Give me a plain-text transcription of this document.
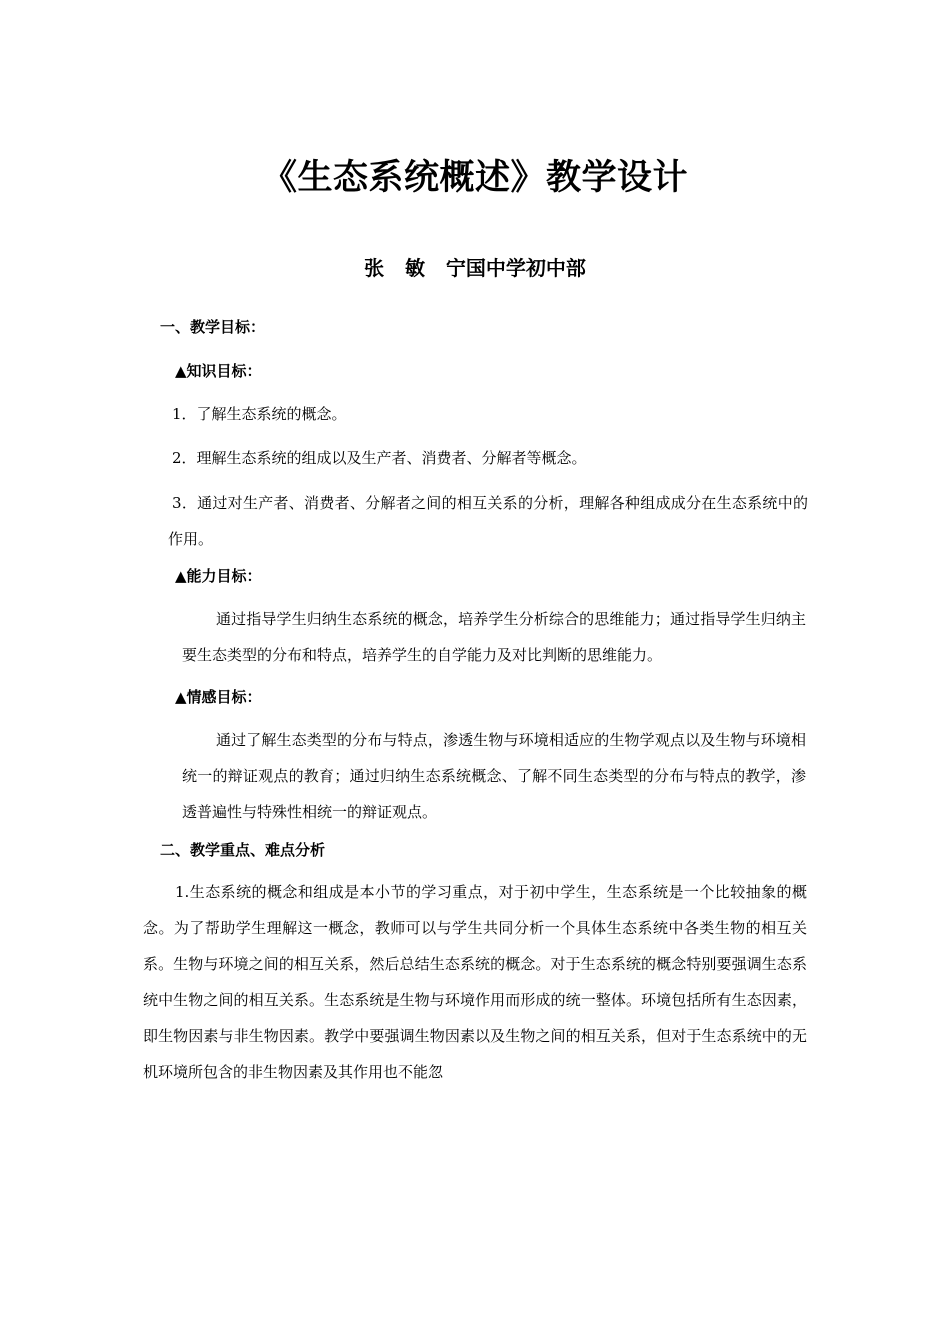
《生态系统概述》教学设计
张   敏   宁国中学初中部
一、教学目标：
▲知识目标：
1．了解生态系统的概念。
2．理解生态系统的组成以及生产者、消费者、分解者等概念。
3．通过对生产者、消费者、分解者之间的相互关系的分析，理解各种组成成分在生态系统中的作用。
▲能力目标：
通过指导学生归纳生态系统的概念，培养学生分析综合的思维能力；通过指导学生归纳主要生态类型的分布和特点，培养学生的自学能力及对比判断的思维能力。
▲情感目标：
通过了解生态类型的分布与特点，渗透生物与环境相适应的生物学观点以及生物与环境相统一的辩证观点的教育；通过归纳生态系统概念、了解不同生态类型的分布与特点的教学，渗透普遍性与特殊性相统一的辩证观点。
二、教学重点、难点分析
1.生态系统的概念和组成是本小节的学习重点，对于初中学生，生态系统是一个比较抽象的概念。为了帮助学生理解这一概念，教师可以与学生共同分析一个具体生态系统中各类生物的相互关系。生物与环境之间的相互关系，然后总结生态系统的概念。对于生态系统的概念特别要强调生态系统中生物之间的相互关系。生态系统是生物与环境作用而形成的统一整体。环境包括所有生态因素，即生物因素与非生物因素。教学中要强调生物因素以及生物之间的相互关系，但对于生态系统中的无机环境所包含的非生物因素及其作用也不能忽
